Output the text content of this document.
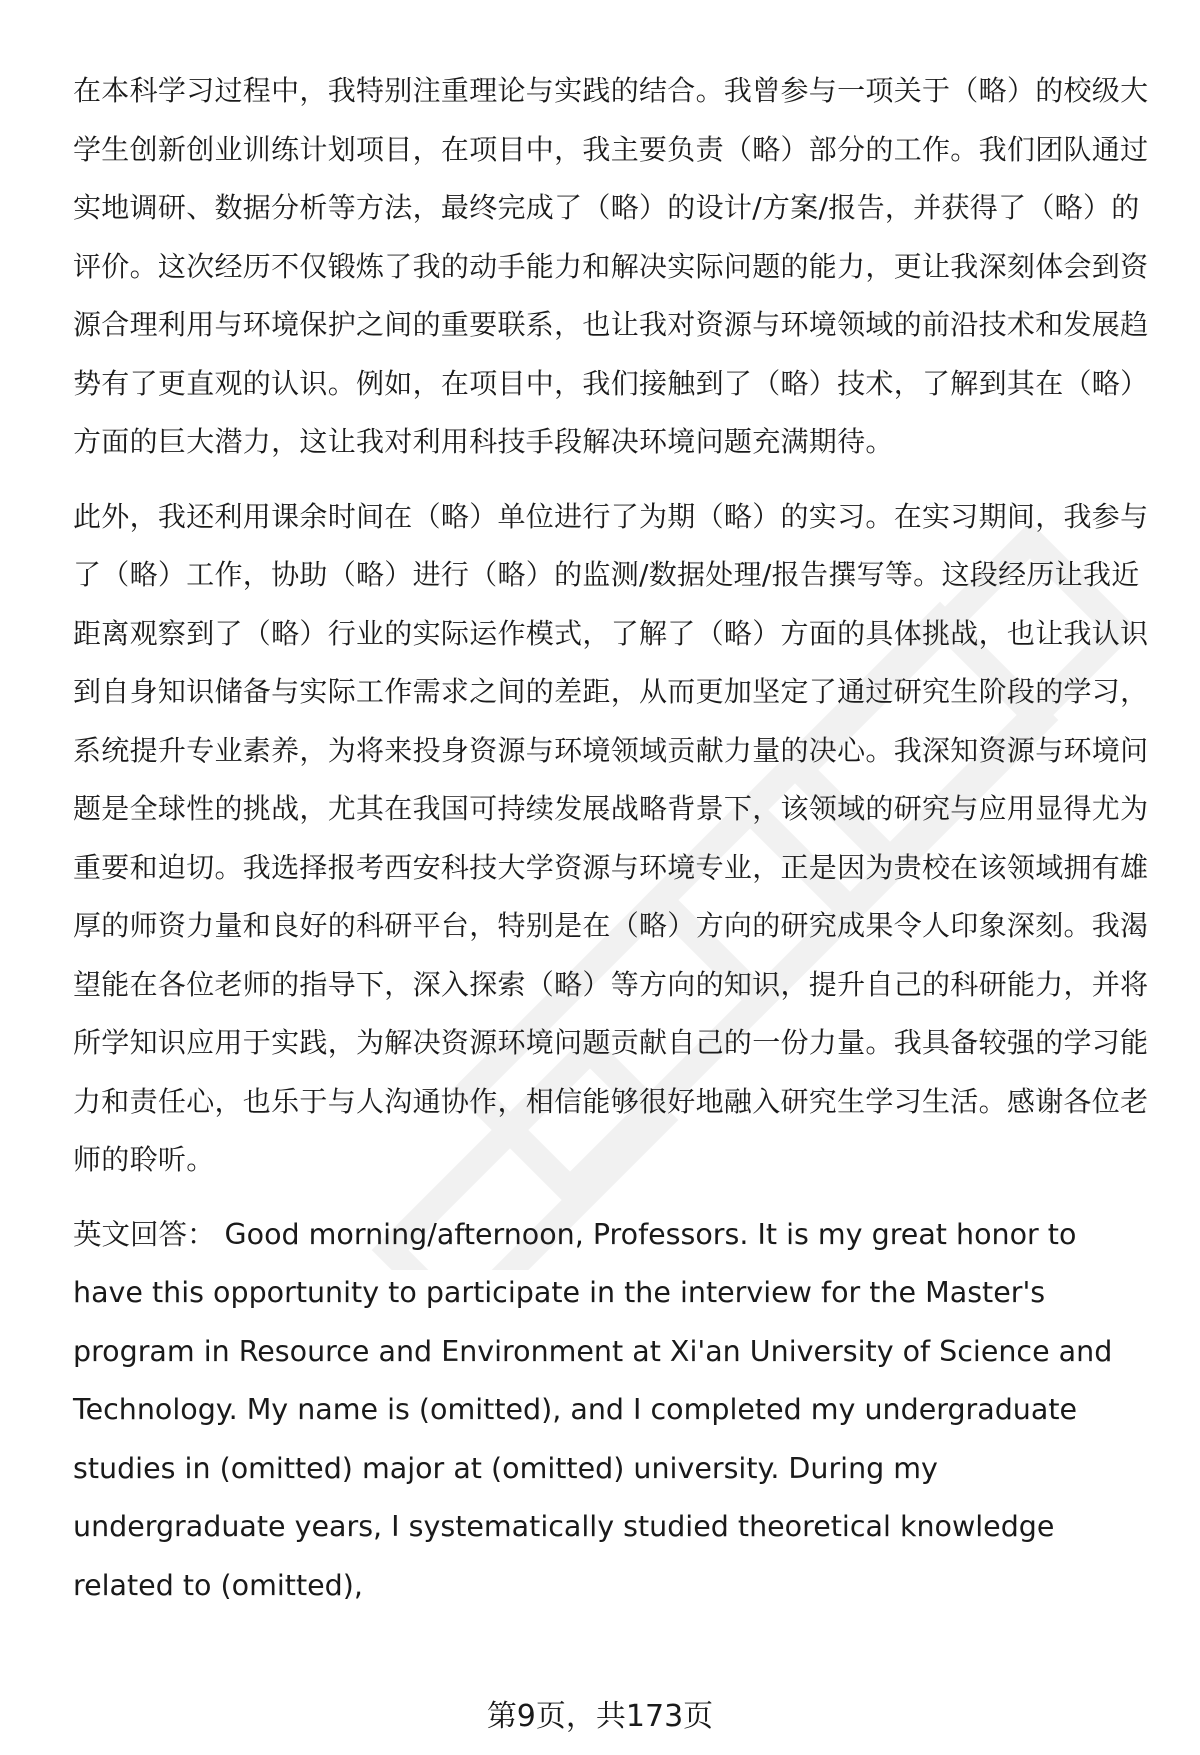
在本科学习过程中，我特别注重理论与实践的结合。我曾参与一项关于（略）的校级大学生创新创业训练计划项目，在项目中，我主要负责（略）部分的工作。我们团队通过实地调研、数据分析等方法，最终完成了（略）的设计/方案/报告，并获得了（略）的评价。这次经历不仅锻炼了我的动手能力和解决实际问题的能力，更让我深刻体会到资源合理利用与环境保护之间的重要联系，也让我对资源与环境领域的前沿技术和发展趋势有了更直观的认识。例如，在项目中，我们接触到了（略）技术，了解到其在（略）方面的巨大潜力，这让我对利用科技手段解决环境问题充满期待。

此外，我还利用课余时间在（略）单位进行了为期（略）的实习。在实习期间，我参与了（略）工作，协助（略）进行（略）的监测/数据处理/报告撰写等。这段经历让我近距离观察到了（略）行业的实际运作模式，了解了（略）方面的具体挑战，也让我认识到自身知识储备与实际工作需求之间的差距，从而更加坚定了通过研究生阶段的学习，系统提升专业素养，为将来投身资源与环境领域贡献力量的决心。我深知资源与环境问题是全球性的挑战，尤其在我国可持续发展战略背景下，该领域的研究与应用显得尤为重要和迫切。我选择报考西安科技大学资源与环境专业，正是因为贵校在该领域拥有雄厚的师资力量和良好的科研平台，特别是在（略）方向的研究成果令人印象深刻。我渴望能在各位老师的指导下，深入探索（略）等方向的知识，提升自己的科研能力，并将所学知识应用于实践，为解决资源环境问题贡献自己的一份力量。我具备较强的学习能力和责任心，也乐于与人沟通协作，相信能够很好地融入研究生学习生活。感谢各位老师的聆听。

英文回答： Good morning/afternoon, Professors. It is my great honor to have this opportunity to participate in the interview for the Master's program in Resource and Environment at Xi'an University of Science and Technology. My name is (omitted), and I completed my undergraduate studies in (omitted) major at (omitted) university. During my undergraduate years, I systematically studied theoretical knowledge related to (omitted),

第9页，共173页
